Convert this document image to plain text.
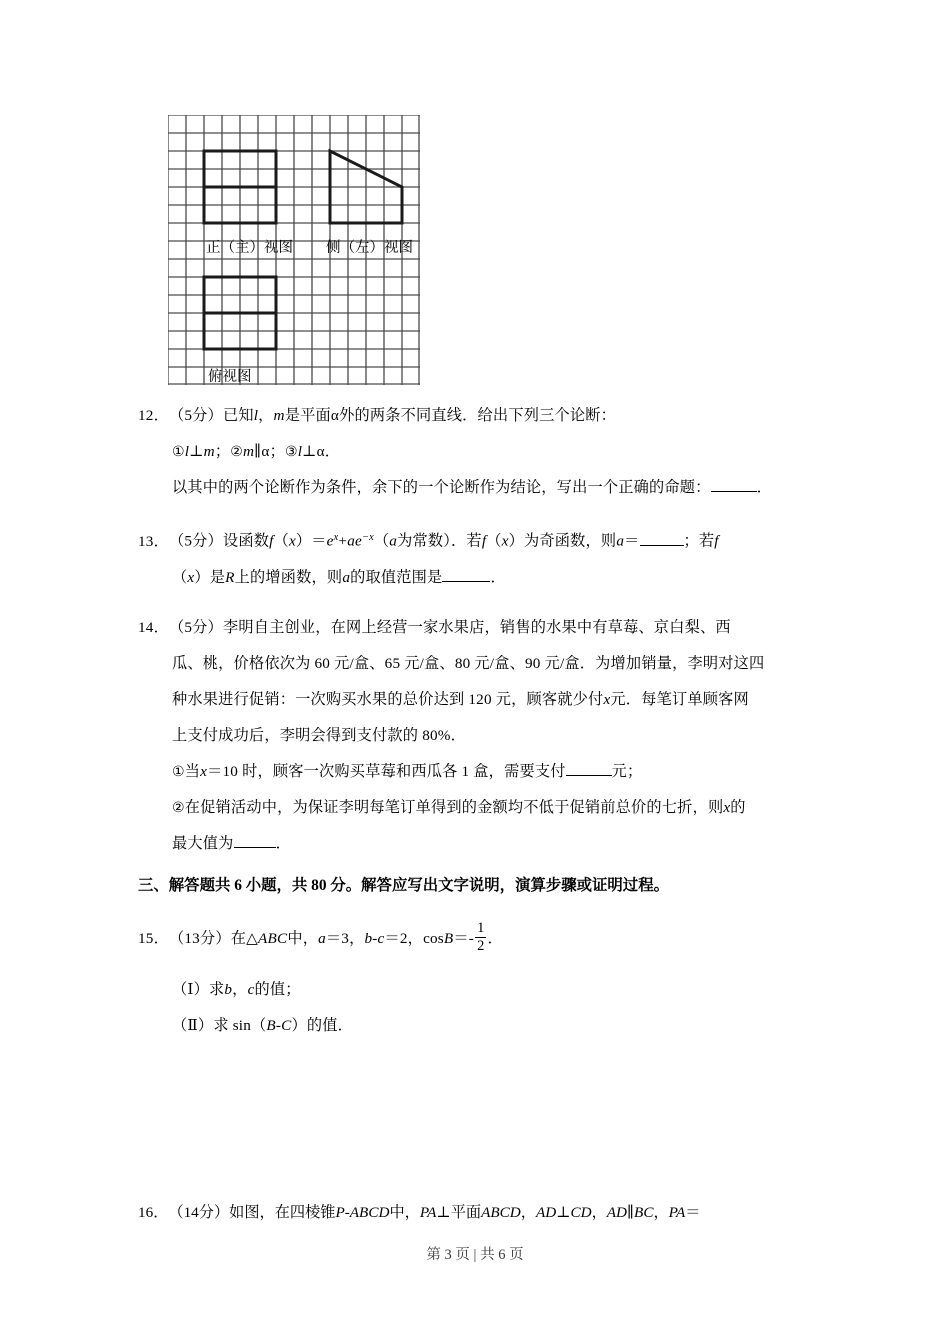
正（主）视图 侧（左）视图
俯视图
12．（5分）已知l，m是平面α外的两条不同直线．给出下列三个论断：
①l⊥m；②m∥α；③l⊥α．
以其中的两个论断作为条件，余下的一个论断作为结论，写出一个正确的命题：	．
13．（5分）设函数$f(x)=e^x+ae^{-x}(a$为常数）．若f（x）为奇函数，则a＝	；若f
（x）是R上的增函数，则a的取值范围是	．
14．（5分）李明自主创业，在网上经营一家水果店，销售的水果中有草莓、京白梨、西
瓜、桃，价格依次为 60 元/盒、65 元/盒、80 元/盒、90 元/盒．为增加销量，李明对这四
种水果进行促销：一次购买水果的总价达到 120 元，顾客就少付x元．每笔订单顾客网
上支付成功后，李明会得到支付款的 80%．
①当x＝10 时，顾客一次购买草莓和西瓜各 1 盒，需要支付	元；
②在促销活动中，为保证李明每笔订单得到的金额均不低于促销前总价的七折，则x的
最大值为	．
三、解答题共 6 小题，共 80 分。解答应写出文字说明，演算步骤或证明过程。
15．（13分）在△ABC中，a＝3，b-c＝2，$\cos B=- \frac{1}{2}$ ．
（Ⅰ）求b，c的值；
（Ⅱ）求 sin（B-C）的值．
16．（14分）如图，在四棱锥P-ABCD中，PA⊥平面ABCD，AD⊥CD，AD∥BC，PA＝
第 3 页 | 共 6 页
